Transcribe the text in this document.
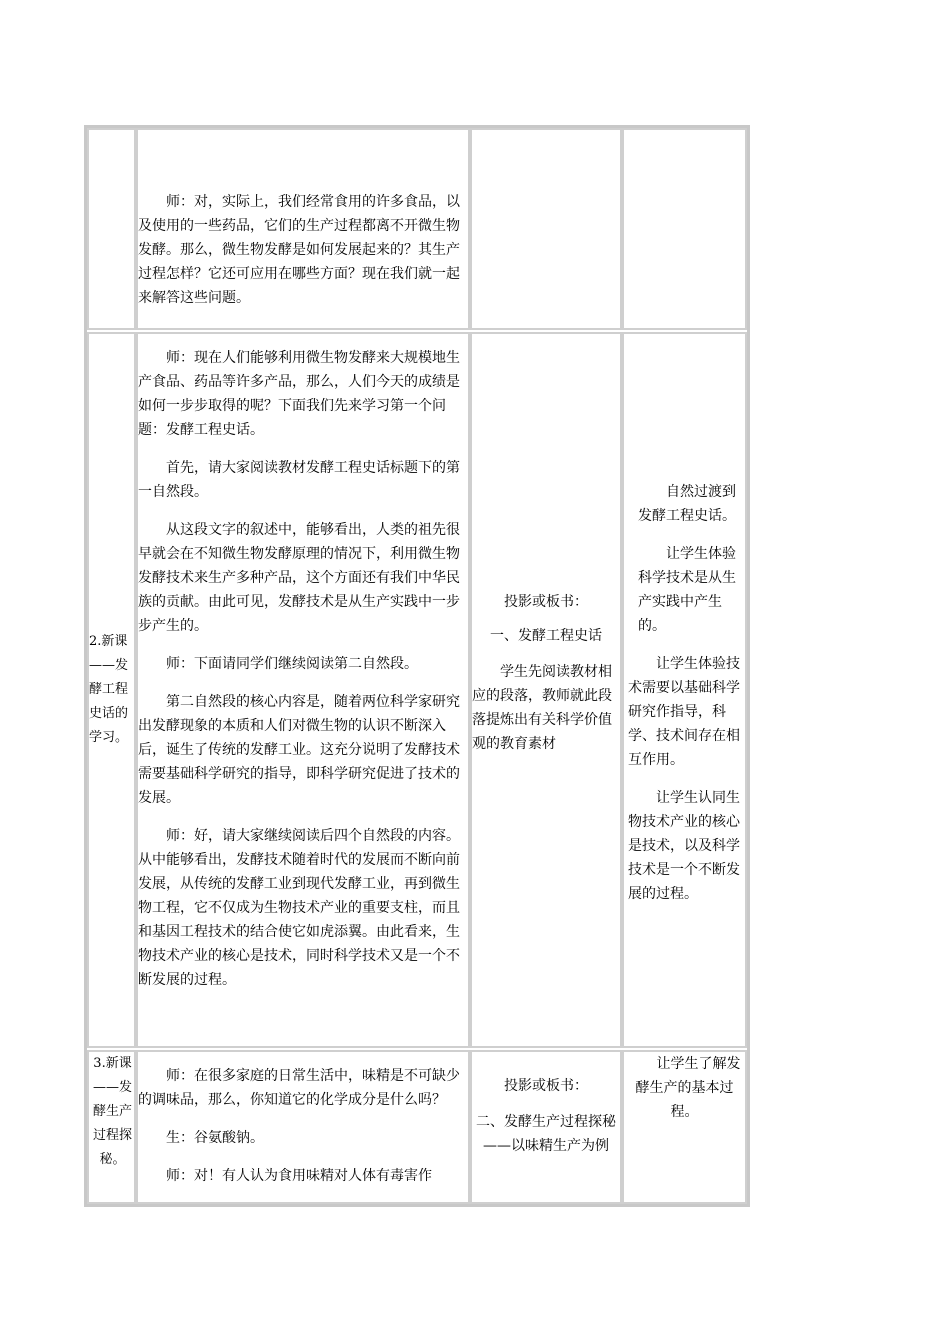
师：对，实际上，我们经常食用的许多食品，以及使用的一些药品，它们的生产过程都离不开微生物发酵。那么，微生物发酵是如何发展起来的？其生产过程怎样？它还可应用在哪些方面？现在我们就一起来解答这些问题。

2.新课——发酵工程史话的学习。

师：现在人们能够利用微生物发酵来大规模地生产食品、药品等许多产品，那么，人们今天的成绩是如何一步步取得的呢？下面我们先来学习第一个问题：发酵工程史话。

首先，请大家阅读教材发酵工程史话标题下的第一自然段。

从这段文字的叙述中，能够看出，人类的祖先很早就会在不知微生物发酵原理的情况下，利用微生物发酵技术来生产多种产品，这个方面还有我们中华民族的贡献。由此可见，发酵技术是从生产实践中一步步产生的。

师：下面请同学们继续阅读第二自然段。

第二自然段的核心内容是，随着两位科学家研究出发酵现象的本质和人们对微生物的认识不断深入后，诞生了传统的发酵工业。这充分说明了发酵技术需要基础科学研究的指导，即科学研究促进了技术的发展。

师：好，请大家继续阅读后四个自然段的内容。从中能够看出，发酵技术随着时代的发展而不断向前发展，从传统的发酵工业到现代发酵工业，再到微生物工程，它不仅成为生物技术产业的重要支柱，而且和基因工程技术的结合使它如虎添翼。由此看来，生物技术产业的核心是技术，同时科学技术又是一个不断发展的过程。

投影或板书：

一、发酵工程史话

学生先阅读教材相应的段落，教师就此段落提炼出有关科学价值观的教育素材

自然过渡到发酵工程史话。

让学生体验科学技术是从生产实践中产生的。

让学生体验技术需要以基础科学研究作指导，科学、技术间存在相互作用。

让学生认同生物技术产业的核心是技术，以及科学技术是一个不断发展的过程。

3.新课——发酵生产过程探秘。

师：在很多家庭的日常生活中，味精是不可缺少的调味品，那么，你知道它的化学成分是什么吗？

生：谷氨酸钠。

师：对！有人认为食用味精对人体有毒害作

投影或板书：

二、发酵生产过程探秘——以味精生产为例

让学生了解发酵生产的基本过程。
